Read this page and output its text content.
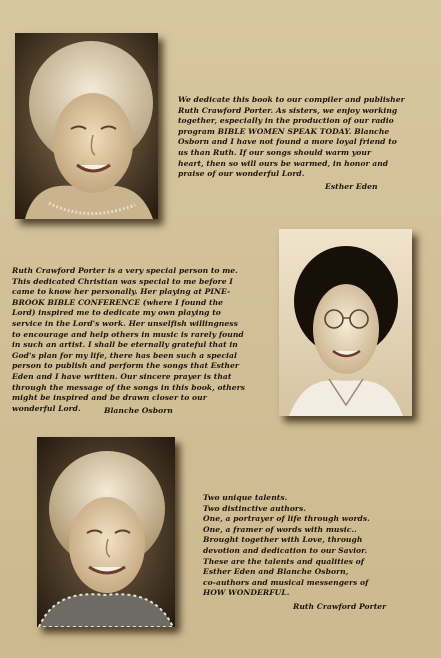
We dedicate this book to our compiler and publisher
Ruth Crawford Porter. As sisters, we enjoy working
together, especially in the production of our radio
program BIBLE WOMEN SPEAK TODAY. Blanche
Osborn and I have not found a more loyal friend to
us than Ruth. If our songs should warm your
heart, then so will ours be warmed, in honor and
praise of our wonderful Lord.
Esther Eden
Ruth Crawford Porter is a very special person to me.
This dedicated Christian was special to me before I
came to know her personally. Her playing at PINE-
BROOK BIBLE CONFERENCE (where I found the
Lord) inspired me to dedicate my own playing to
service in the Lord's work. Her unselfish willingness
to encourage and help others in music is rarely found
in such an artist. I shall be eternally grateful that in
God's plan for my life, there has been such a special
person to publish and perform the songs that Esther
Eden and I have written. Our sincere prayer is that
through the message of the songs in this book, others
might be inspired and be drawn closer to our
wonderful Lord.	Blanche Osborn
Two unique talents.
Two distinctive authors.
One, a portrayer of life through words.
One, a framer of words with music..
Brought together with Love, through
devotion and dedication to our Savior.
These are the talents and qualities of
Esther Eden and Blanche Osborn,
co-authors and musical messengers of
HOW WONDERFUL.
Ruth Crawford Porter
